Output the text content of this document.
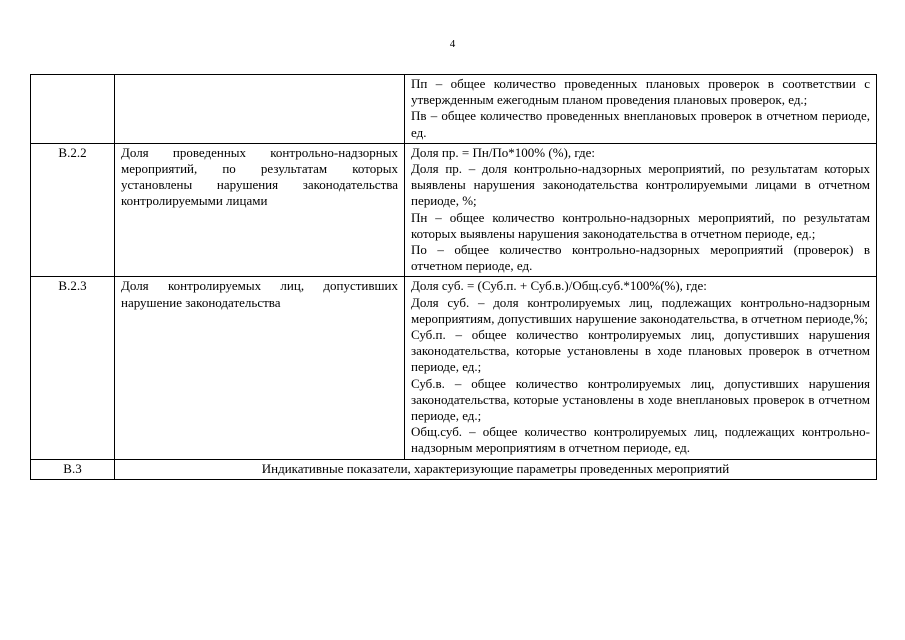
4

		Пп – общее количество проведенных плановых проверок в соответствии с утвержденным ежегодным планом проведения плановых проверок, ед.;
Пв – общее количество проведенных внеплановых проверок в отчетном периоде, ед.

В.2.2	Доля проведенных контрольно-надзорных мероприятий, по результатам которых установлены нарушения законодательства контролируемыми лицами	Доля пр. = Пн/По*100% (%), где:
Доля пр. – доля контрольно-надзорных мероприятий, по результатам которых выявлены нарушения законодательства контролируемыми лицами в отчетном периоде, %;
Пн – общее количество контрольно-надзорных мероприятий, по результатам которых выявлены нарушения законодательства в отчетном периоде, ед.;
По – общее количество контрольно-надзорных мероприятий (проверок) в отчетном периоде, ед.

В.2.3	Доля контролируемых лиц, допустивших нарушение законодательства	Доля суб. = (Суб.п. + Суб.в.)/Общ.суб.*100%(%), где:
Доля суб. – доля контролируемых лиц, подлежащих контрольно-надзорным мероприятиям, допустивших нарушение законодательства, в отчетном периоде,%;
Суб.п. – общее количество контролируемых лиц, допустивших нарушения законодательства, которые установлены в ходе плановых проверок в отчетном периоде, ед.;
Суб.в. – общее количество контролируемых лиц, допустивших нарушения законодательства, которые установлены в ходе внеплановых проверок в отчетном периоде, ед.;
Общ.суб. – общее количество контролируемых лиц, подлежащих контрольно-надзорным мероприятиям в отчетном периоде, ед.

В.3	Индикативные показатели, характеризующие параметры проведенных мероприятий	
